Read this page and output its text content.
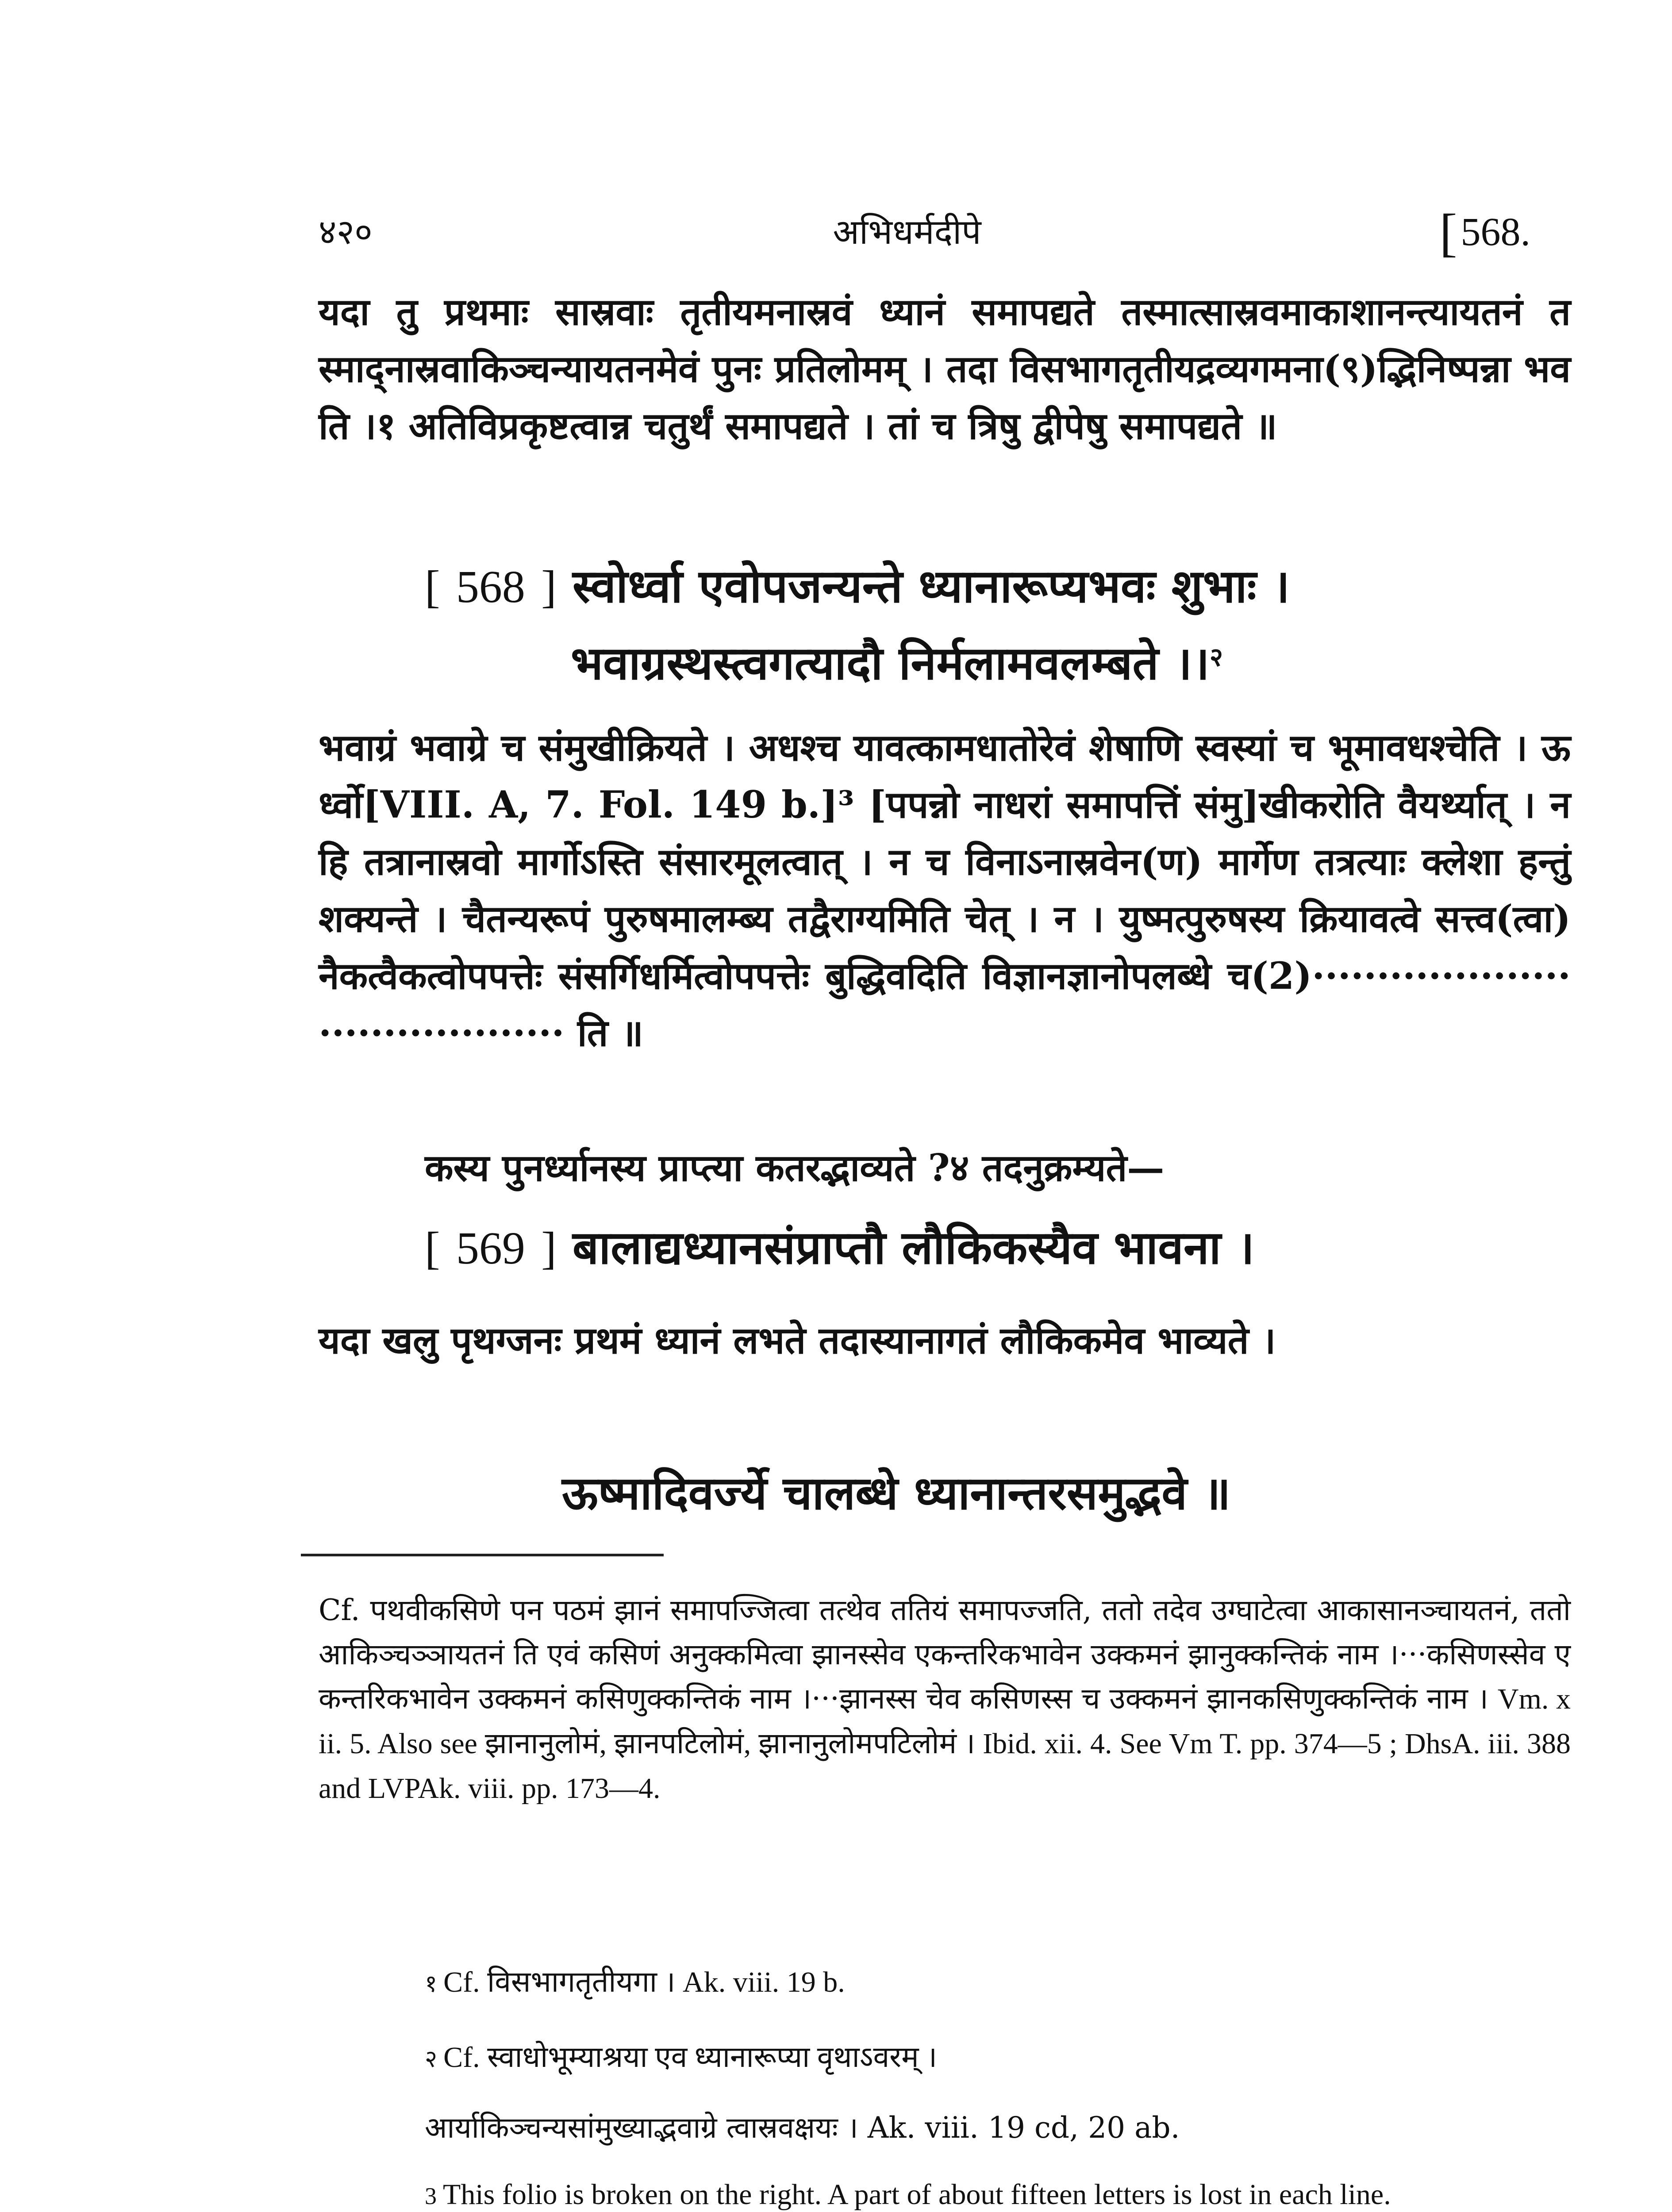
४२०	अभिधर्मदीपे	[568.
यदा तु प्रथमाः सास्रवाः तृतीयमनास्रवं ध्यानं समापद्यते तस्मात्सास्रवमाकाशानन्त्यायतनं तस्माद्नास्रवाकिञ्चन्यायतनमेवं पुनः प्रतिलोमम् । तदा विसभागतृतीयद्रव्यगमना(९)द्भिनिष्पन्ना भवति ।१ अतिविप्रकृष्टत्वान्न चतुर्थं समापद्यते । तां च त्रिषु द्वीपेषु समापद्यते ॥
[ 568 ] स्वोर्ध्वा एवोपजन्यन्ते ध्यानारूप्यभवः शुभाः ।
भवाग्रस्थस्त्वगत्यादौ निर्मलामवलम्बते ।।$^२$
भवाग्रं भवाग्रे च संमुखीक्रियते । अधश्च यावत्कामधातोरेवं शेषाणि स्वस्यां च भूमावधश्चेति । ऊर्ध्वो[VIII. A, 7. Fol. 149 b.]³ [पपन्नो नाधरां समापत्तिं संमु]खीकरोति वैयर्थ्यात् । न हि तत्रानास्रवो मार्गोऽस्ति संसारमूलत्वात् । न च विनाऽनास्रवेन(ण) मार्गेण तत्रत्याः क्लेशा हन्तुं शक्यन्ते । चैतन्यरूपं पुरुषमालम्ब्य तद्वैराग्यमिति चेत् । न । युष्मत्पुरुषस्य क्रियावत्वे सत्त्व(त्वा)नैकत्वैकत्वोपपत्तेः संसर्गिधर्मित्वोपपत्तेः बुद्धिवदिति विज्ञानज्ञानोपलब्धे च(2)······································· ति ॥
कस्य पुनर्ध्यानस्य प्राप्त्या कतरद्भाव्यते ?४ तदनुक्रम्यते—
[ 569 ] बालाद्यध्यानसंप्राप्तौ लौकिकस्यैव भावना ।
यदा खलु पृथग्जनः प्रथमं ध्यानं लभते तदास्यानागतं लौकिकमेव भाव्यते ।
ऊष्मादिवर्ज्ये चालब्धे ध्यानान्तरसमुद्भवे ॥
Cf. पथवीकसिणे पन पठमं झानं समापज्जित्वा तत्थेव ततियं समापज्जति, ततो तदेव उग्घाटेत्वा आकासानञ्चायतनं, ततो आकिञ्चञ्ञायतनं ति एवं कसिणं अनुक्कमित्वा झानस्सेव एकन्तरिकभावेन उक्कमनं झानुक्कन्तिकं नाम ।···कसिणस्सेव एकन्तरिकभावेन उक्कमनं कसिणुक्कन्तिकं नाम ।···झानस्स चेव कसिणस्स च उक्कमनं झानकसिणुक्कन्तिकं नाम । Vm. xii. 5. Also see झानानुलोमं, झानपटिलोमं, झानानुलोमपटिलोमं । Ibid. xii. 4. See Vm T. pp. 374—5 ; DhsA. iii. 388 and LVPAk. viii. pp. 173—4.
१ Cf. विसभागतृतीयगा । Ak. viii. 19 b.
२ Cf. स्वाधोभूम्याश्रया एव ध्यानारूप्या वृथाऽवरम् ।
आर्याकिञ्चन्यसांमुख्याद्भवाग्रे त्वास्रवक्षयः । Ak. viii. 19 cd, 20 ab.
3 This folio is broken on the right. A part of about fifteen letters is lost in each line.
